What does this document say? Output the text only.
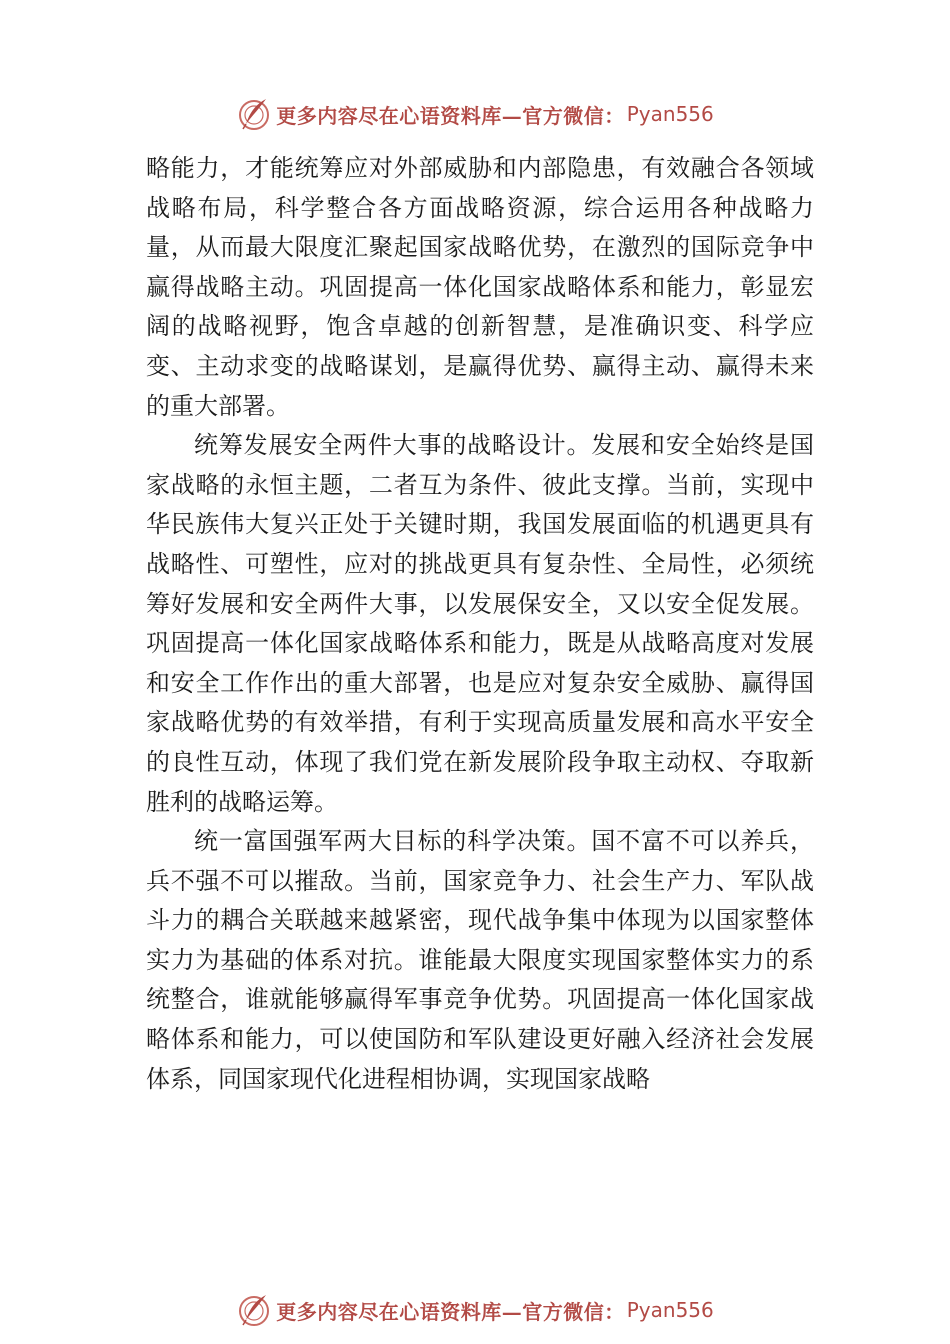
更多内容尽在心语资料库—官方微信： Pyan556

略能力，才能统筹应对外部威胁和内部隐患，有效融合各领域战略布局，科学整合各方面战略资源，综合运用各种战略力量，从而最大限度汇聚起国家战略优势，在激烈的国际竞争中赢得战略主动。巩固提高一体化国家战略体系和能力，彰显宏阔的战略视野，饱含卓越的创新智慧，是准确识变、科学应变、主动求变的战略谋划，是赢得优势、赢得主动、赢得未来的重大部署。

统筹发展安全两件大事的战略设计。发展和安全始终是国家战略的永恒主题，二者互为条件、彼此支撑。当前，实现中华民族伟大复兴正处于关键时期，我国发展面临的机遇更具有战略性、可塑性，应对的挑战更具有复杂性、全局性，必须统筹好发展和安全两件大事，以发展保安全，又以安全促发展。巩固提高一体化国家战略体系和能力，既是从战略高度对发展和安全工作作出的重大部署，也是应对复杂安全威胁、赢得国家战略优势的有效举措，有利于实现高质量发展和高水平安全的良性互动，体现了我们党在新发展阶段争取主动权、夺取新胜利的战略运筹。

统一富国强军两大目标的科学决策。国不富不可以养兵，兵不强不可以摧敌。当前，国家竞争力、社会生产力、军队战斗力的耦合关联越来越紧密，现代战争集中体现为以国家整体实力为基础的体系对抗。谁能最大限度实现国家整体实力的系统整合，谁就能够赢得军事竞争优势。巩固提高一体化国家战略体系和能力，可以使国防和军队建设更好融入经济社会发展体系，同国家现代化进程相协调，实现国家战略

更多内容尽在心语资料库—官方微信： Pyan556
